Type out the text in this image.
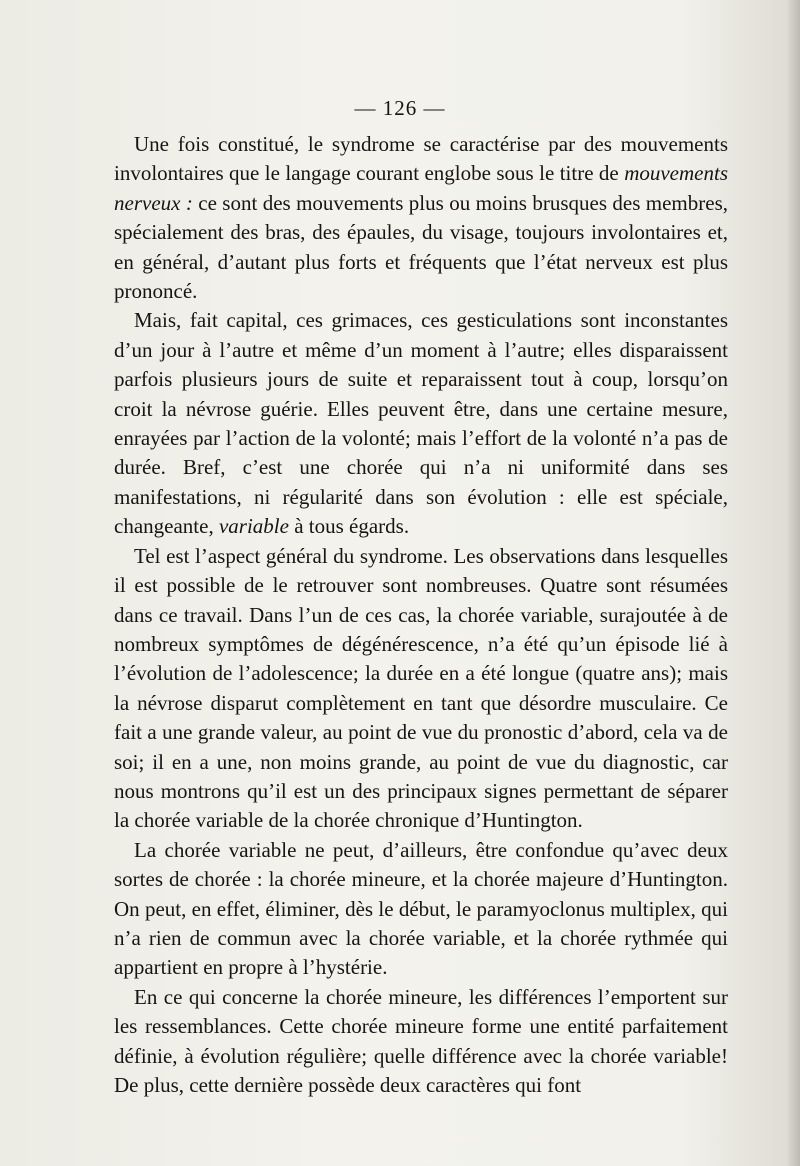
— 126 —

Une fois constitué, le syndrome se caractérise par des mouvements involontaires que le langage courant englobe sous le titre de mouvements nerveux : ce sont des mouvements plus ou moins brusques des membres, spécialement des bras, des épaules, du visage, toujours involontaires et, en général, d’autant plus forts et fréquents que l’état nerveux est plus prononcé.

Mais, fait capital, ces grimaces, ces gesticulations sont inconstantes d’un jour à l’autre et même d’un moment à l’autre; elles disparaissent parfois plusieurs jours de suite et reparaissent tout à coup, lorsqu’on croit la névrose guérie. Elles peuvent être, dans une certaine mesure, enrayées par l’action de la volonté; mais l’effort de la volonté n’a pas de durée. Bref, c’est une chorée qui n’a ni uniformité dans ses manifestations, ni régularité dans son évolution : elle est spéciale, changeante, variable à tous égards.

Tel est l’aspect général du syndrome. Les observations dans lesquelles il est possible de le retrouver sont nombreuses. Quatre sont résumées dans ce travail. Dans l’un de ces cas, la chorée variable, surajoutée à de nombreux symptômes de dégénérescence, n’a été qu’un épisode lié à l’évolution de l’adolescence; la durée en a été longue (quatre ans); mais la névrose disparut complètement en tant que désordre musculaire. Ce fait a une grande valeur, au point de vue du pronostic d’abord, cela va de soi; il en a une, non moins grande, au point de vue du diagnostic, car nous montrons qu’il est un des principaux signes permettant de séparer la chorée variable de la chorée chronique d’Huntington.

La chorée variable ne peut, d’ailleurs, être confondue qu’avec deux sortes de chorée : la chorée mineure, et la chorée majeure d’Huntington. On peut, en effet, éliminer, dès le début, le paramyoclonus multiplex, qui n’a rien de commun avec la chorée variable, et la chorée rythmée qui appartient en propre à l’hystérie.

En ce qui concerne la chorée mineure, les différences l’emportent sur les ressemblances. Cette chorée mineure forme une entité parfaitement définie, à évolution régulière; quelle différence avec la chorée variable! De plus, cette dernière possède deux caractères qui font
